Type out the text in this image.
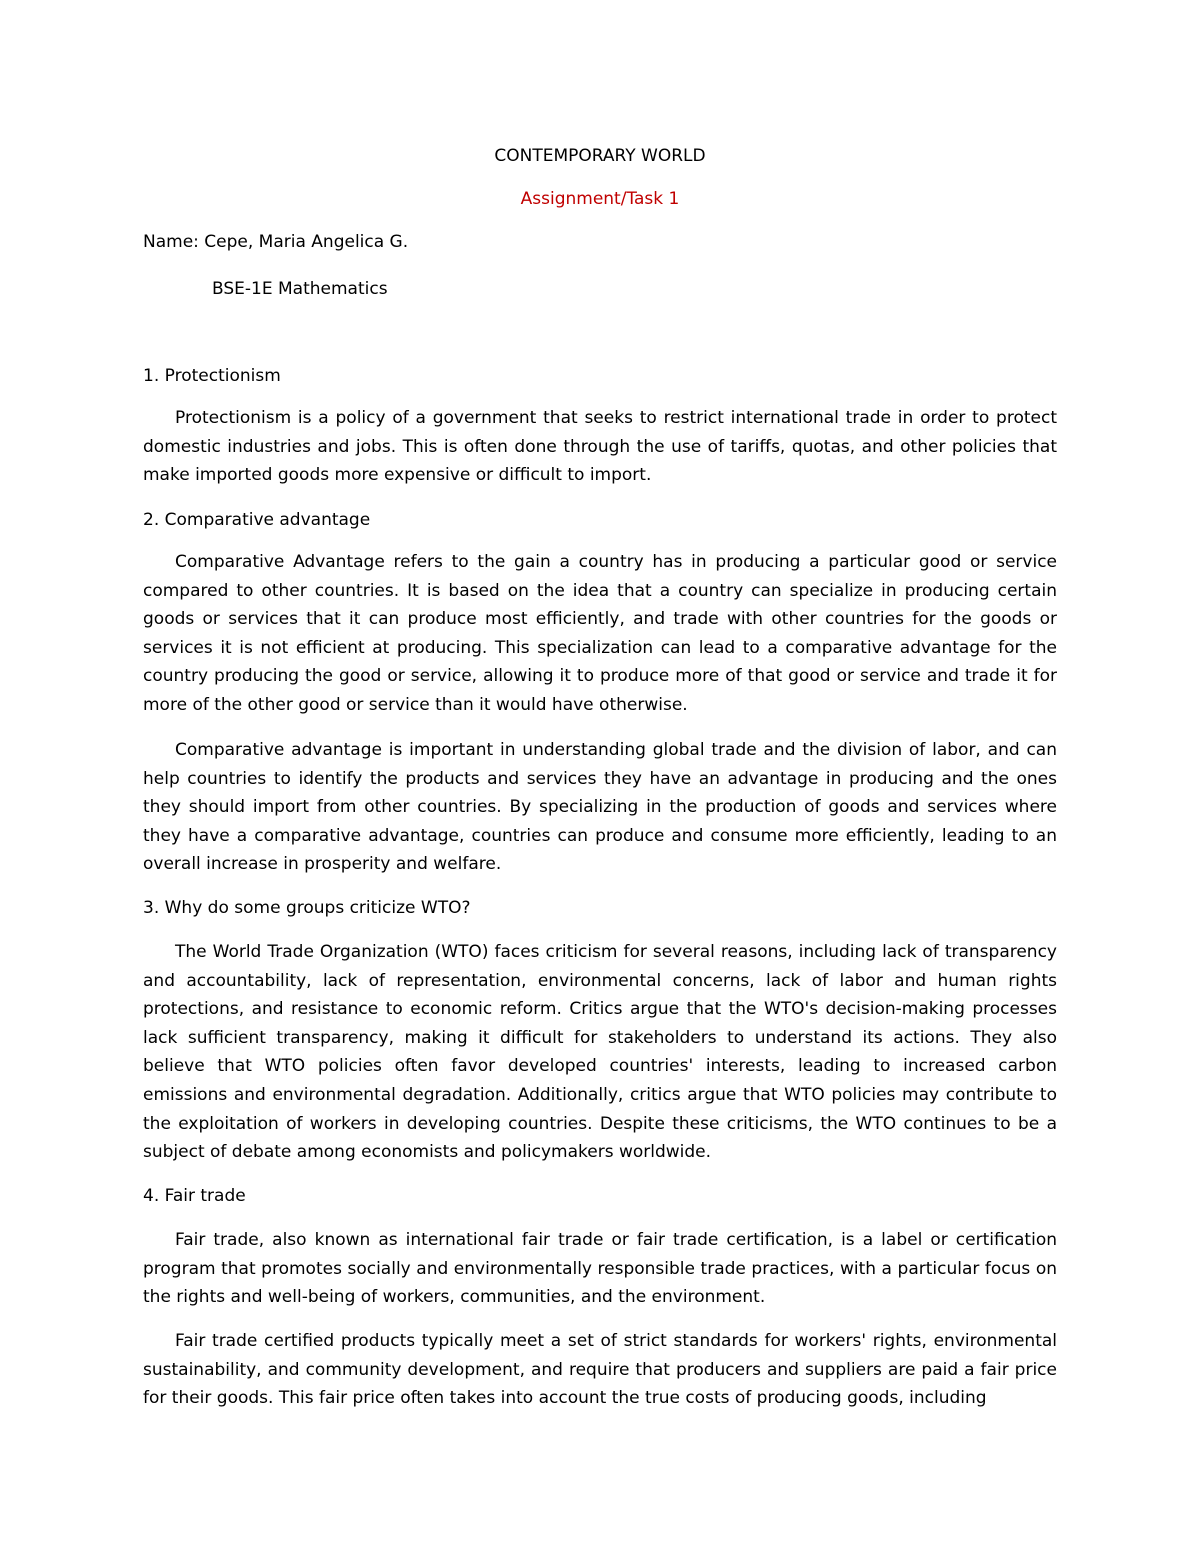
CONTEMPORARY WORLD
Assignment/Task 1
Name: Cepe, Maria Angelica G.
BSE-1E Mathematics
1. Protectionism

Protectionism is a policy of a government that seeks to restrict international trade in order to protect domestic industries and jobs. This is often done through the use of tariffs, quotas, and other policies that make imported goods more expensive or difficult to import.

2. Comparative advantage

Comparative Advantage refers to the gain a country has in producing a particular good or service compared to other countries. It is based on the idea that a country can specialize in producing certain goods or services that it can produce most efficiently, and trade with other countries for the goods or services it is not efficient at producing. This specialization can lead to a comparative advantage for the country producing the good or service, allowing it to produce more of that good or service and trade it for more of the other good or service than it would have otherwise.

Comparative advantage is important in understanding global trade and the division of labor, and can help countries to identify the products and services they have an advantage in producing and the ones they should import from other countries. By specializing in the production of goods and services where they have a comparative advantage, countries can produce and consume more efficiently, leading to an overall increase in prosperity and welfare.

3. Why do some groups criticize WTO?

The World Trade Organization (WTO) faces criticism for several reasons, including lack of transparency and accountability, lack of representation, environmental concerns, lack of labor and human rights protections, and resistance to economic reform. Critics argue that the WTO's decision-making processes lack sufficient transparency, making it difficult for stakeholders to understand its actions. They also believe that WTO policies often favor developed countries' interests, leading to increased carbon emissions and environmental degradation. Additionally, critics argue that WTO policies may contribute to the exploitation of workers in developing countries. Despite these criticisms, the WTO continues to be a subject of debate among economists and policymakers worldwide.

4. Fair trade

Fair trade, also known as international fair trade or fair trade certification, is a label or certification program that promotes socially and environmentally responsible trade practices, with a particular focus on the rights and well-being of workers, communities, and the environment.

Fair trade certified products typically meet a set of strict standards for workers' rights, environmental sustainability, and community development, and require that producers and suppliers are paid a fair price for their goods. This fair price often takes into account the true costs of producing goods, including
